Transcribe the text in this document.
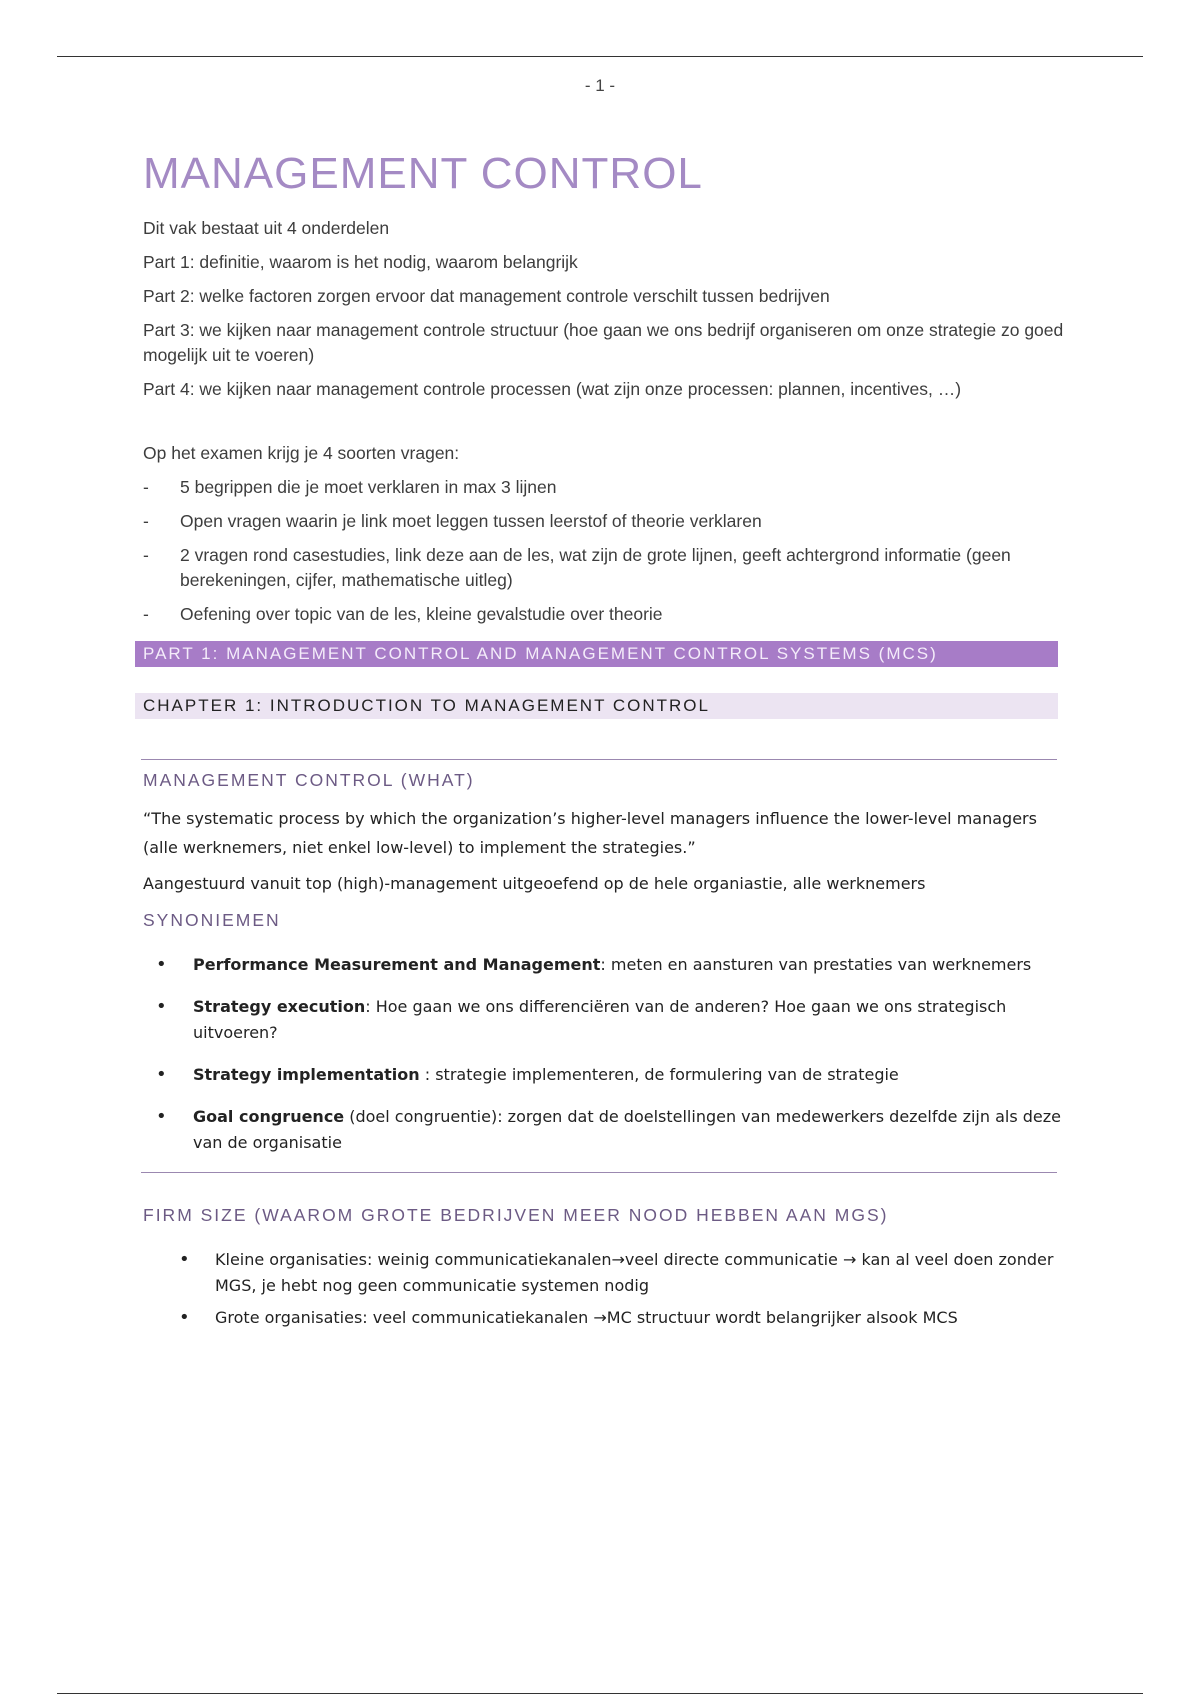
- 1 -
MANAGEMENT CONTROL

Dit vak bestaat uit 4 onderdelen

Part 1: definitie, waarom is het nodig, waarom belangrijk

Part 2: welke factoren zorgen ervoor dat management controle verschilt tussen bedrijven

Part 3: we kijken naar management controle structuur (hoe gaan we ons bedrijf organiseren om onze strategie zo goed mogelijk uit te voeren)

Part 4: we kijken naar management controle processen (wat zijn onze processen: plannen, incentives, …)

Op het examen krijg je 4 soorten vragen:

- 5 begrippen die je moet verklaren in max 3 lijnen
- Open vragen waarin je link moet leggen tussen leerstof of theorie verklaren
- 2 vragen rond casestudies, link deze aan de les, wat zijn de grote lijnen, geeft achtergrond informatie (geen berekeningen, cijfer, mathematische uitleg)
- Oefening over topic van de les, kleine gevalstudie over theorie
PART 1: MANAGEMENT CONTROL AND MANAGEMENT CONTROL SYSTEMS (MCS)
CHAPTER 1: INTRODUCTION TO MANAGEMENT CONTROL
MANAGEMENT CONTROL (WHAT)

“The systematic process by which the organization’s higher-level managers influence the lower-level managers (alle werknemers, niet enkel low-level) to implement the strategies.”

Aangestuurd vanuit top (high)-management uitgeoefend op de hele organiastie, alle werknemers

SYNONIEMEN
• Performance Measurement and Management: meten en aansturen van prestaties van werknemers
• Strategy execution: Hoe gaan we ons differenciëren van de anderen? Hoe gaan we ons strategisch uitvoeren?
• Strategy implementation : strategie implementeren, de formulering van de strategie
• Goal congruence (doel congruentie): zorgen dat de doelstellingen van medewerkers dezelfde zijn als deze van de organisatie
FIRM SIZE (WAAROM GROTE BEDRIJVEN MEER NOOD HEBBEN AAN MGS)
• Kleine organisaties: weinig communicatiekanalen→veel directe communicatie → kan al veel doen zonder MGS, je hebt nog geen communicatie systemen nodig
• Grote organisaties: veel communicatiekanalen →MC structuur wordt belangrijker alsook MCS
